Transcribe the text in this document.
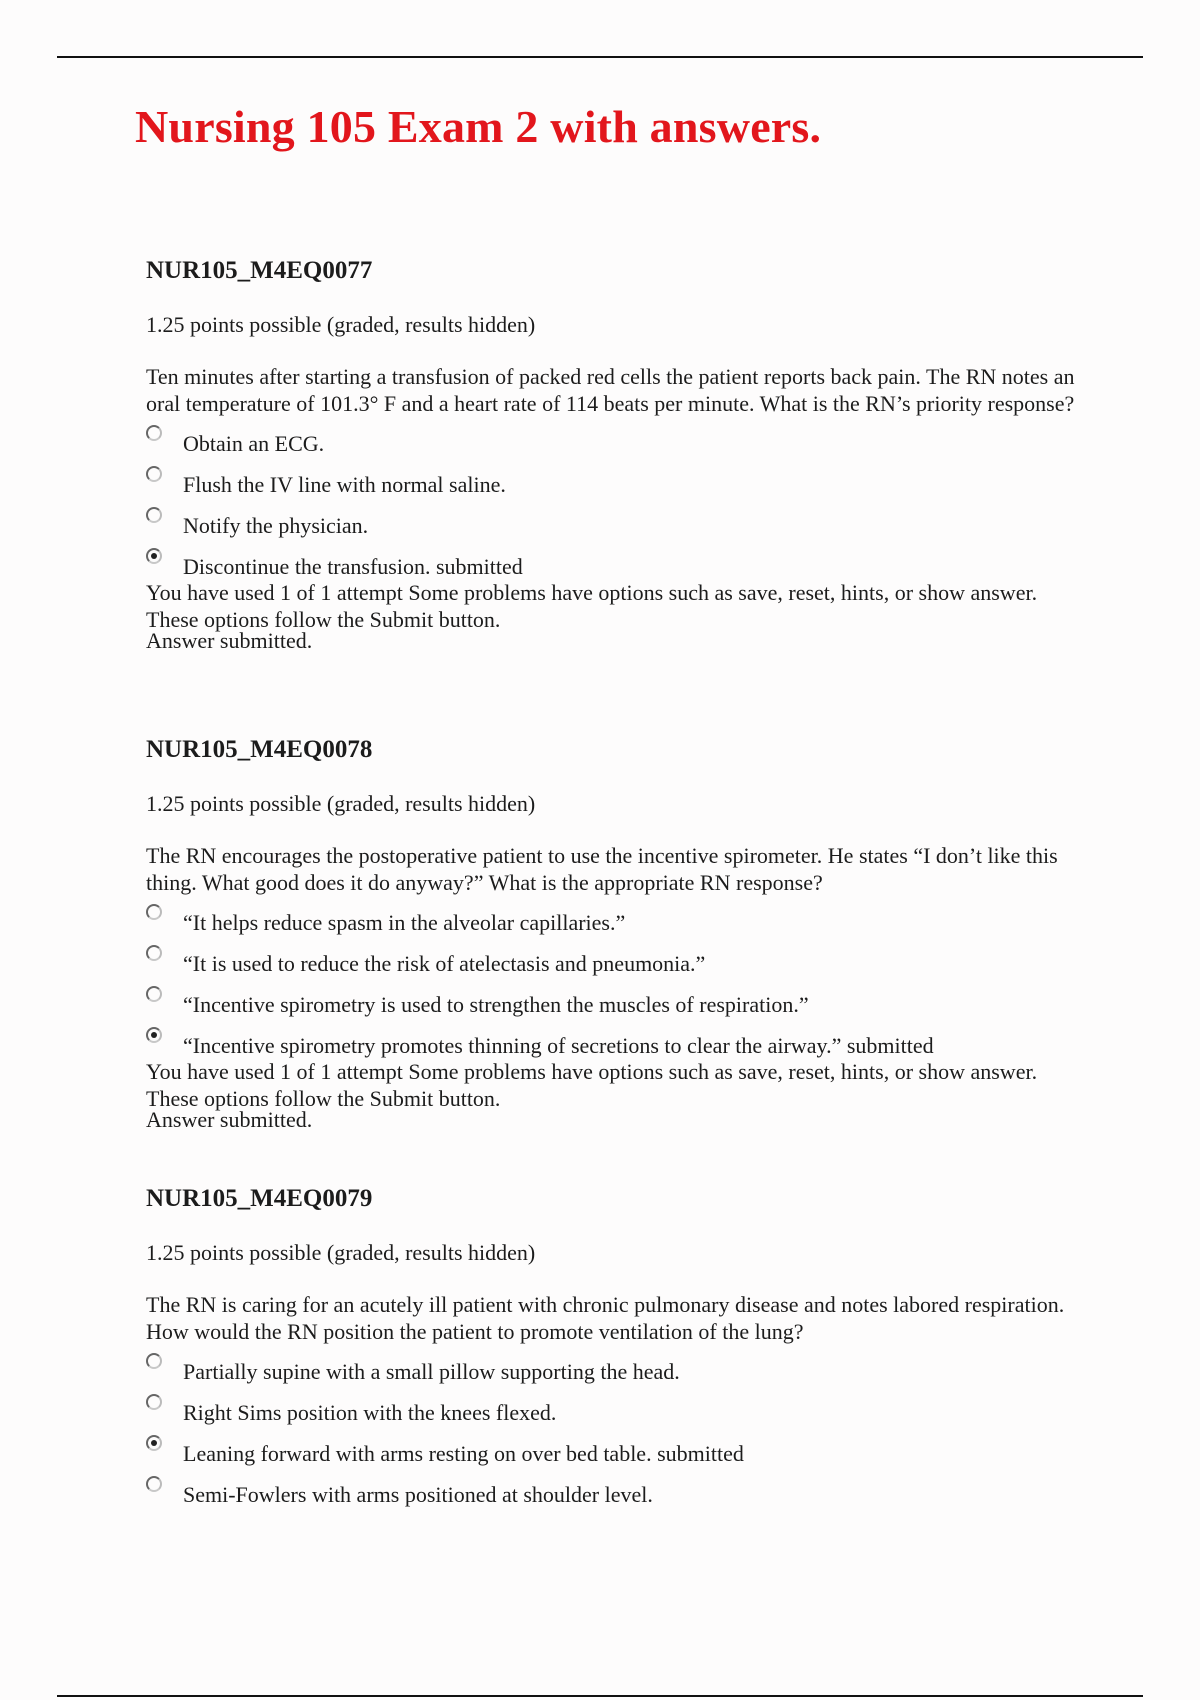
Nursing 105 Exam 2 with answers.
NUR105_M4EQ0077

1.25 points possible (graded, results hidden)

Ten minutes after starting a transfusion of packed red cells the patient reports back pain. The RN notes an oral temperature of 101.3° F and a heart rate of 114 beats per minute. What is the RN’s priority response?

Obtain an ECG.
Flush the IV line with normal saline.
Notify the physician.
Discontinue the transfusion. submitted
You have used 1 of 1 attempt Some problems have options such as save, reset, hints, or show answer. These options follow the Submit button.
Answer submitted.
NUR105_M4EQ0078

1.25 points possible (graded, results hidden)

The RN encourages the postoperative patient to use the incentive spirometer. He states “I don’t like this thing. What good does it do anyway?” What is the appropriate RN response?

“It helps reduce spasm in the alveolar capillaries.”
“It is used to reduce the risk of atelectasis and pneumonia.”
“Incentive spirometry is used to strengthen the muscles of respiration.”
“Incentive spirometry promotes thinning of secretions to clear the airway.” submitted
You have used 1 of 1 attempt Some problems have options such as save, reset, hints, or show answer. These options follow the Submit button.
Answer submitted.
NUR105_M4EQ0079

1.25 points possible (graded, results hidden)

The RN is caring for an acutely ill patient with chronic pulmonary disease and notes labored respiration. How would the RN position the patient to promote ventilation of the lung?

Partially supine with a small pillow supporting the head.
Right Sims position with the knees flexed.
Leaning forward with arms resting on over bed table. submitted
Semi-Fowlers with arms positioned at shoulder level.
